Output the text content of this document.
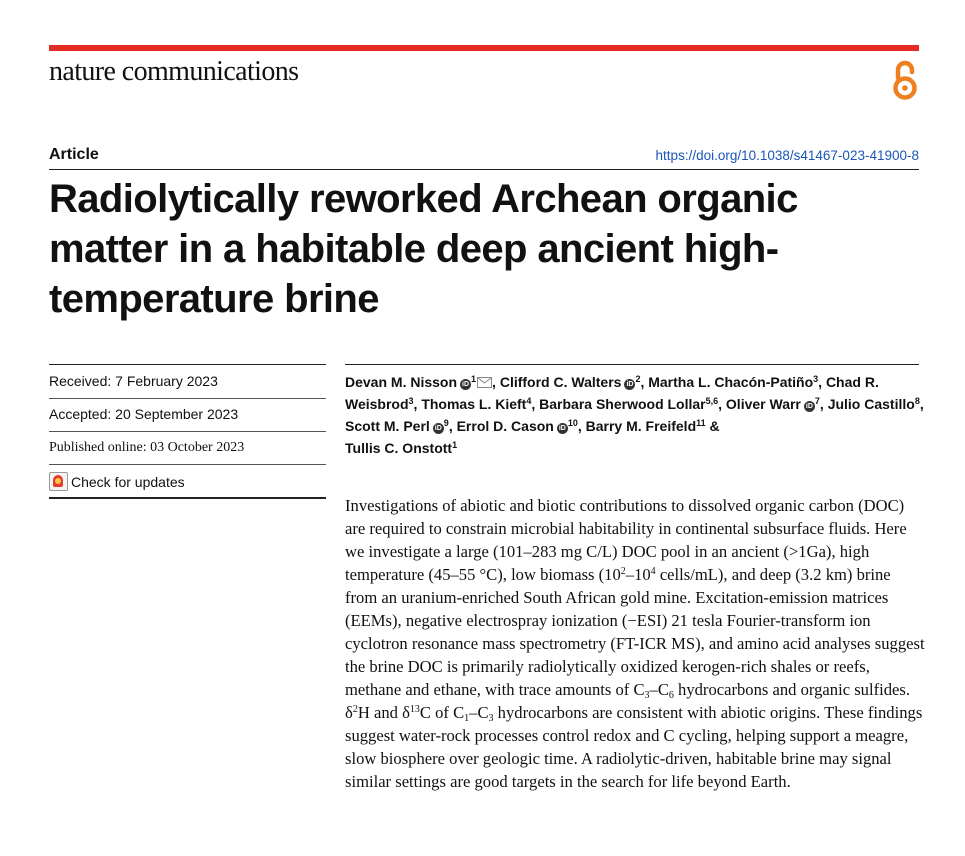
nature communications
Article	https://doi.org/10.1038/s41467-023-41900-8
Radiolytically reworked Archean organic matter in a habitable deep ancient high-temperature brine
Received: 7 February 2023
Accepted: 20 September 2023
Published online: 03 October 2023
Check for updates
Devan M. Nisson $iD^1$ , Clifford C. Walters $iD^2$, Martha L. Chacón-Patiño$^3$, Chad R. Weisbrod$^3$, Thomas L. Kieft$^4$, Barbara Sherwood Lollar$^{5,6}$, Oliver Warr $iD^7$, Julio Castillo$^8$, Scott M. Perl $iD^9$, Errol D. Cason $iD^{10}$, Barry M. Freifeld$^{11}$ &
Tullis C. Onstott$^1$
Investigations of abiotic and biotic contributions to dissolved organic carbon (DOC) are required to constrain microbial habitability in continental subsurface fluids. Here we investigate a large (101–283 mg C/L) DOC pool in an ancient (>1Ga), high temperature (45–55 °C), low biomass ($10^2-10^4$ cells/mL), and deep (3.2 km) brine from an uranium-enriched South African gold mine. Excitation-emission matrices (EEMs), negative electrospray ionization (−ESI) 21 tesla Fourier-transform ion cyclotron resonance mass spectrometry (FT-ICR MS), and amino acid analyses suggest the brine DOC is primarily radiolytically oxidized kerogen-rich shales or reefs, methane and ethane, with trace amounts of $C_3-C_6$ hydrocarbons and organic sulfides. $\delta^2H$ and $\delta^{13}C$ of $C_1-C_3$ hydrocarbons are consistent with abiotic origins. These findings suggest water-rock processes control redox and C cycling, helping support a meagre, slow biosphere over geologic time. A radiolytic-driven, habitable brine may signal similar settings are good targets in the search for life beyond Earth.
